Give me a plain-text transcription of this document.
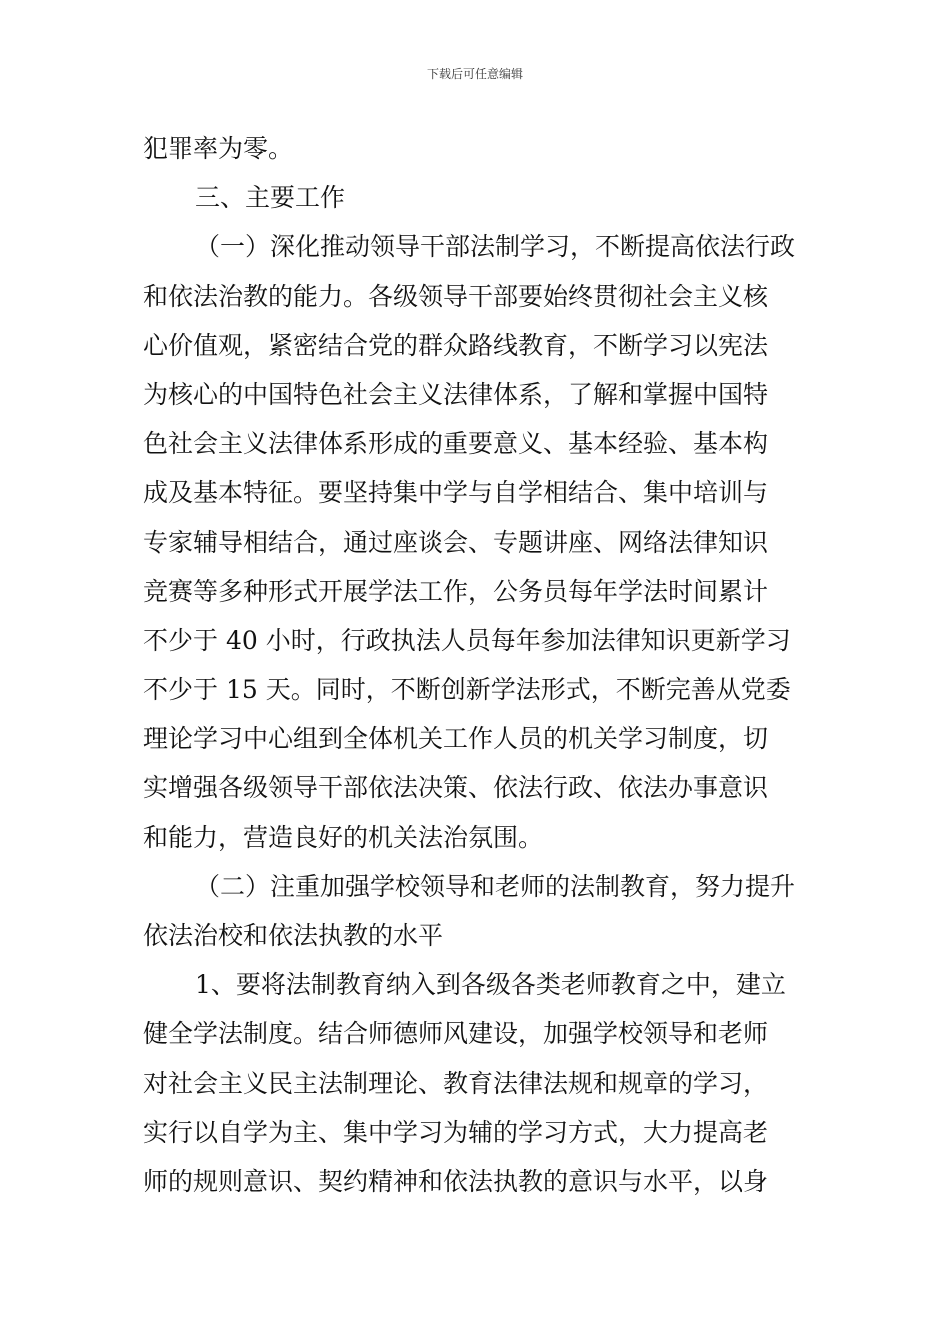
下载后可任意编辑
犯罪率为零。
三、主要工作
（一）深化推动领导干部法制学习，不断提高依法行政
和依法治教的能力。各级领导干部要始终贯彻社会主义核
心价值观，紧密结合党的群众路线教育，不断学习以宪法
为核心的中国特色社会主义法律体系，了解和掌握中国特
色社会主义法律体系形成的重要意义、基本经验、基本构
成及基本特征。要坚持集中学与自学相结合、集中培训与
专家辅导相结合，通过座谈会、专题讲座、网络法律知识
竞赛等多种形式开展学法工作，公务员每年学法时间累计
不少于 40 小时，行政执法人员每年参加法律知识更新学习
不少于 15 天。同时，不断创新学法形式，不断完善从党委
理论学习中心组到全体机关工作人员的机关学习制度，切
实增强各级领导干部依法决策、依法行政、依法办事意识
和能力，营造良好的机关法治氛围。
（二）注重加强学校领导和老师的法制教育，努力提升
依法治校和依法执教的水平
1、要将法制教育纳入到各级各类老师教育之中，建立
健全学法制度。结合师德师风建设，加强学校领导和老师
对社会主义民主法制理论、教育法律法规和规章的学习，
实行以自学为主、集中学习为辅的学习方式，大力提高老
师的规则意识、契约精神和依法执教的意识与水平，以身
